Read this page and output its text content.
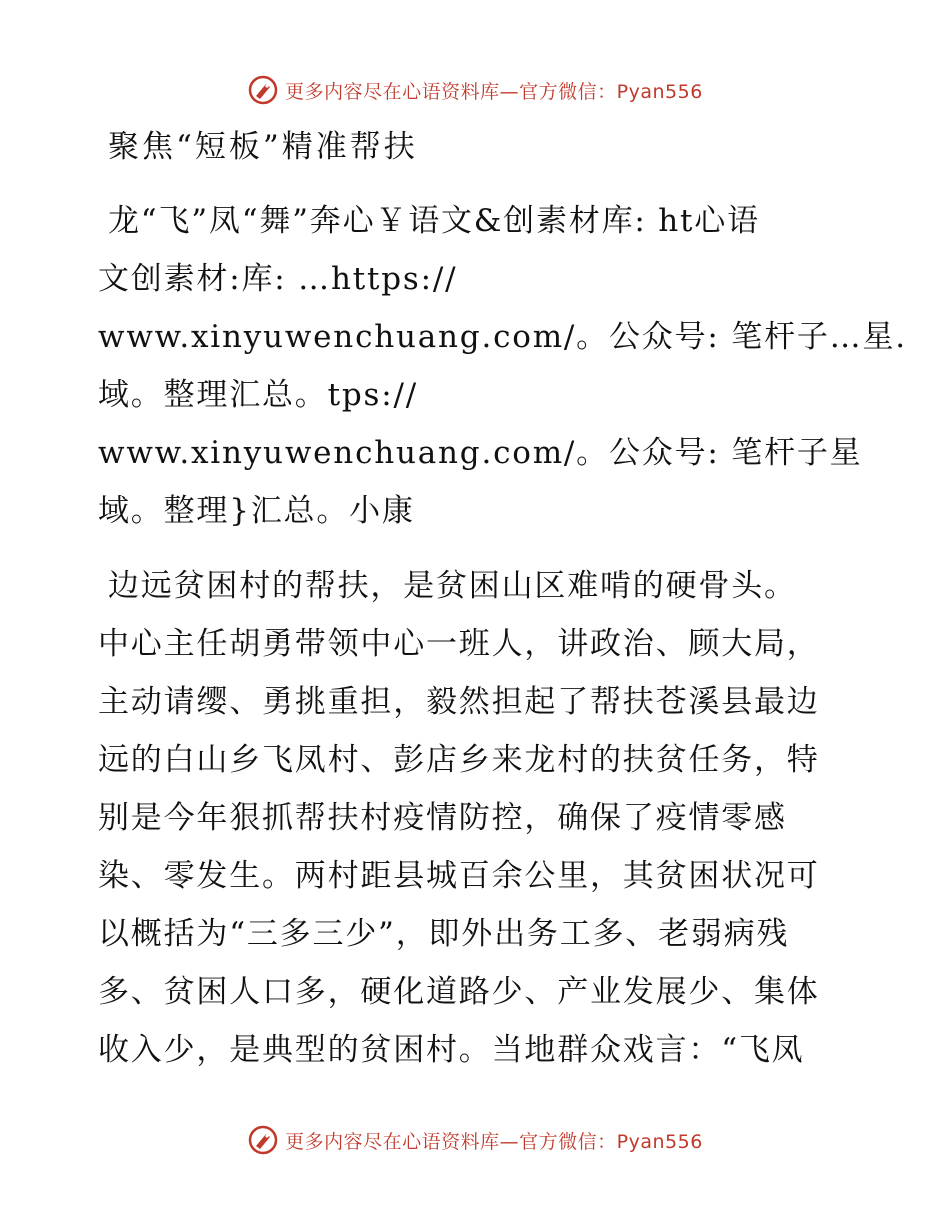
更多内容尽在心语资料库—官方微信：Pyan556
聚焦“短板”精准帮扶
龙“飞”凤“舞”奔心￥语文&创素材库: ht心语
文创素材:库: …https://
www.xinyuwenchuang.com/。公众号: 笔杆子…星.
域。整理汇总。tps://
www.xinyuwenchuang.com/。公众号: 笔杆子星
域。整理}汇总。小康
边远贫困村的帮扶，是贫困山区难啃的硬骨头。
中心主任胡勇带领中心一班人，讲政治、顾大局，
主动请缨、勇挑重担，毅然担起了帮扶苍溪县最边
远的白山乡飞凤村、彭店乡来龙村的扶贫任务，特
别是今年狠抓帮扶村疫情防控，确保了疫情零感
染、零发生。两村距县城百余公里，其贫困状况可
以概括为“三多三少”，即外出务工多、老弱病残
多、贫困人口多，硬化道路少、产业发展少、集体
收入少，是典型的贫困村。当地群众戏言：“飞凤
更多内容尽在心语资料库—官方微信：Pyan556
